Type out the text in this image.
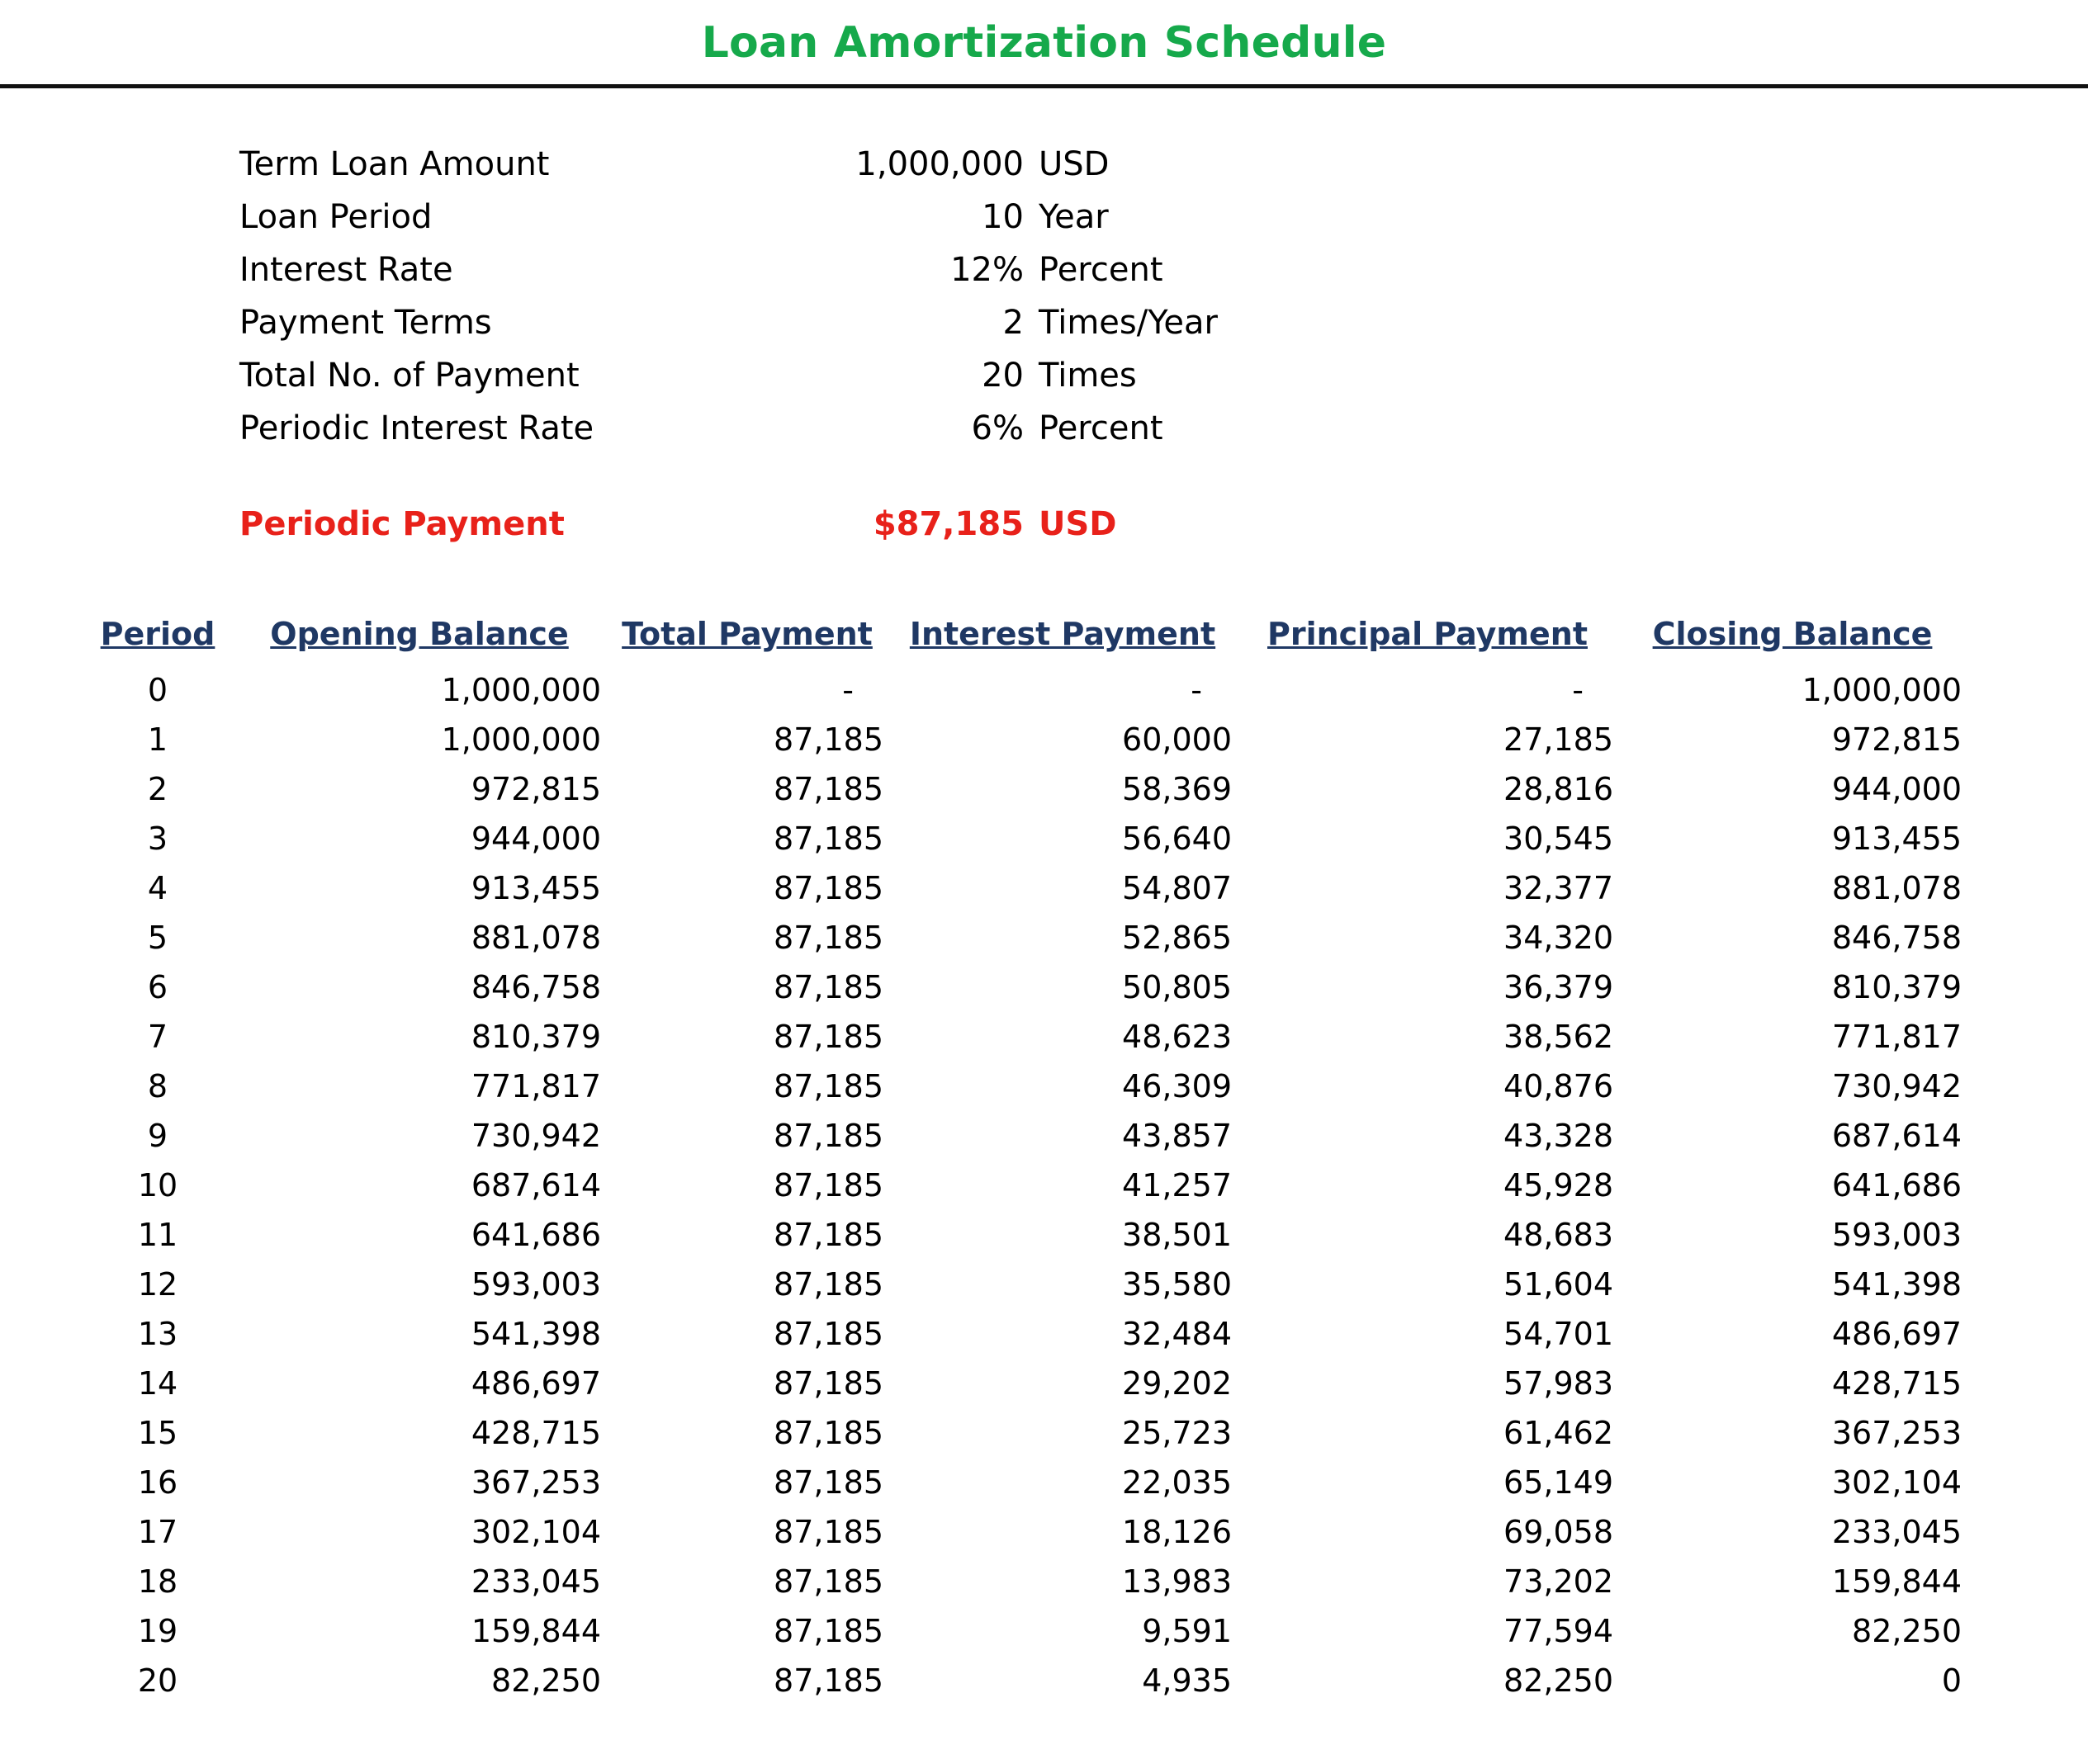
Loan Amortization Schedule
Term Loan Amount	1,000,000	USD
Loan Period	10	Year
Interest Rate	12%	Percent
Payment Terms	2	Times/Year
Total No. of Payment	20	Times
Periodic Interest Rate	6%	Percent
Periodic Payment	$87,185	USD
Period	Opening Balance	Total Payment	Interest Payment	Principal Payment	Closing Balance
0	1,000,000	-	-	-	1,000,000
1	1,000,000	87,185	60,000	27,185	972,815
2	972,815	87,185	58,369	28,816	944,000
3	944,000	87,185	56,640	30,545	913,455
4	913,455	87,185	54,807	32,377	881,078
5	881,078	87,185	52,865	34,320	846,758
6	846,758	87,185	50,805	36,379	810,379
7	810,379	87,185	48,623	38,562	771,817
8	771,817	87,185	46,309	40,876	730,942
9	730,942	87,185	43,857	43,328	687,614
10	687,614	87,185	41,257	45,928	641,686
11	641,686	87,185	38,501	48,683	593,003
12	593,003	87,185	35,580	51,604	541,398
13	541,398	87,185	32,484	54,701	486,697
14	486,697	87,185	29,202	57,983	428,715
15	428,715	87,185	25,723	61,462	367,253
16	367,253	87,185	22,035	65,149	302,104
17	302,104	87,185	18,126	69,058	233,045
18	233,045	87,185	13,983	73,202	159,844
19	159,844	87,185	9,591	77,594	82,250
20	82,250	87,185	4,935	82,250	0
